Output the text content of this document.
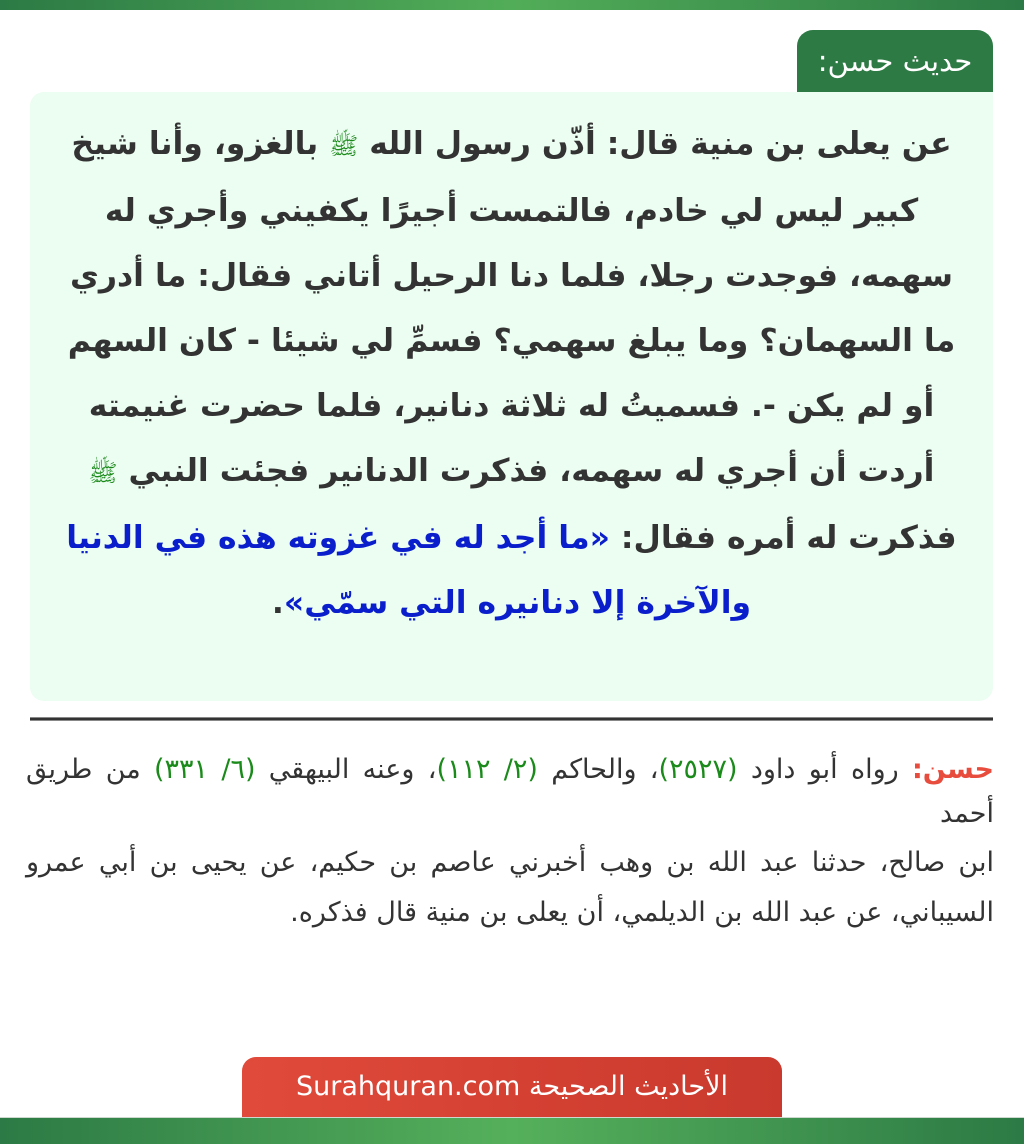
حديث حسن:
عن يعلى بن منية قال: أذّن رسول الله ﷺ بالغزو، وأنا شيخ كبير ليس لي خادم، فالتمست أجيرًا يكفيني وأجري له سهمه، فوجدت رجلا، فلما دنا الرحيل أتاني فقال: ما أدري ما السهمان؟ وما يبلغ سهمي؟ فسمِّ لي شيئا - كان السهم أو لم يكن -. فسميتُ له ثلاثة دنانير، فلما حضرت غنيمته أردت أن أجري له سهمه، فذكرت الدنانير فجئت النبي ﷺ فذكرت له أمره فقال: «ما أجد له في غزوته هذه في الدنيا والآخرة إلا دنانيره التي سمّي».

حسن: رواه أبو داود (٢٥٢٧)، والحاكم (٢/ ١١٢)، وعنه البيهقي (٦/ ٣٣١) من طريق أحمد

ابن صالح، حدثنا عبد الله بن وهب أخبرني عاصم بن حكيم، عن يحيى بن أبي عمرو السيباني، عن عبد الله بن الديلمي، أن يعلى بن منية قال فذكره.

الأحاديث الصحيحة Surahquran.com
